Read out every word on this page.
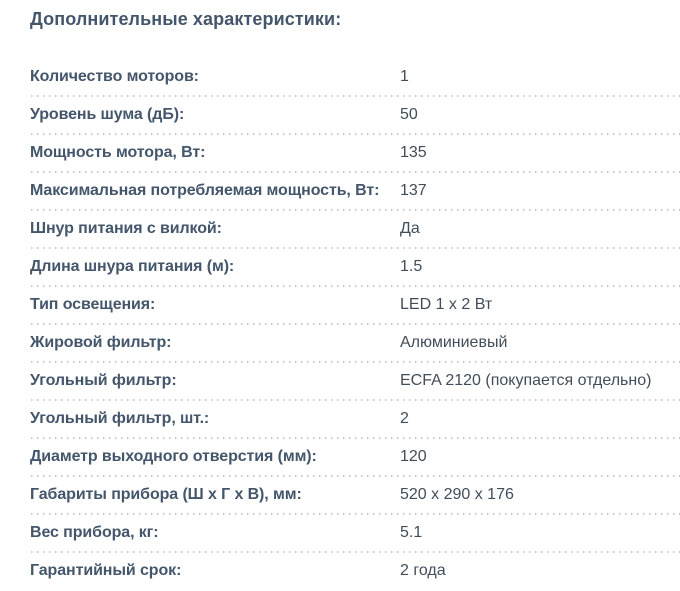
Дополнительные характеристики:
Количество моторов:	1
Уровень шума (дБ):	50
Мощность мотора, Вт:	135
Максимальная потребляемая мощность, Вт:	137
Шнур питания с вилкой:	Да
Длина шнура питания (м):	1.5
Тип освещения:	LED 1 x 2 Вт
Жировой фильтр:	Алюминиевый
Угольный фильтр:	ECFA 2120 (покупается отдельно)
Угольный фильтр, шт.:	2
Диаметр выходного отверстия (мм):	120
Габариты прибора (Ш х Г х В), мм:	520 x 290 x 176
Вес прибора, кг:	5.1
Гарантийный срок:	2 года
